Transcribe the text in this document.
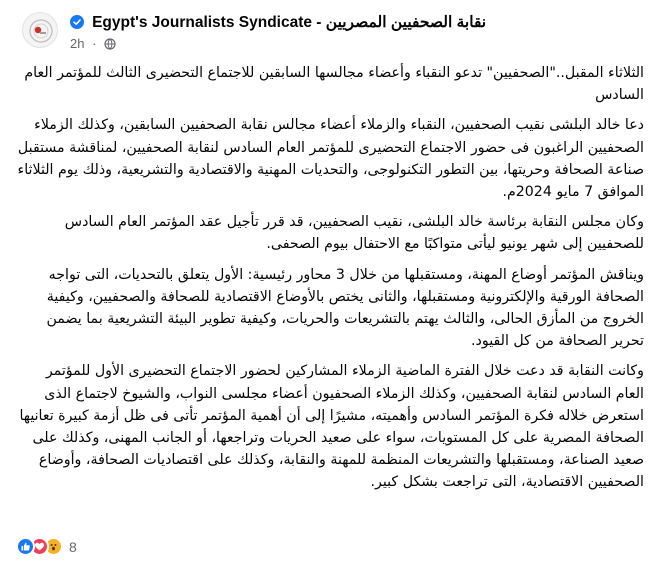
Egypt's Journalists Syndicate - نقابة الصحفيين المصريين
2h ·

الثلاثاء المقبل.."الصحفيين" تدعو النقباء وأعضاء مجالسها السابقين للاجتماع التحضيرى الثالث للمؤتمر العام السادس

دعا خالد البلشى نقيب الصحفيين، النقباء والزملاء أعضاء مجالس نقابة الصحفيين السابقين، وكذلك الزملاء الصحفيين الراغبون فى حضور الاجتماع التحضيرى للمؤتمر العام السادس لنقابة الصحفيين، لمناقشة مستقبل صناعة الصحافة وحريتها، بين التطور التكنولوجى، والتحديات المهنية والاقتصادية والتشريعية، وذلك يوم الثلاثاء الموافق 7 مايو 2024م.

وكان مجلس النقابة برئاسة خالد البلشى، نقيب الصحفيين، قد قرر تأجيل عقد المؤتمر العام السادس للصحفيين إلى شهر يونيو ليأتى متواكبًا مع الاحتفال بيوم الصحفى.

ويناقش المؤتمر أوضاع المهنة، ومستقبلها من خلال 3 محاور رئيسية: الأول يتعلق بالتحديات، التى تواجه الصحافة الورقية والإلكترونية ومستقبلها، والثانى يختص بالأوضاع الاقتصادية للصحافة والصحفيين، وكيفية الخروج من المأزق الحالى، والثالث يهتم بالتشريعات والحريات، وكيفية تطوير البيئة التشريعية بما يضمن تحرير الصحافة من كل القيود.

وكانت النقابة قد دعت خلال الفترة الماضية الزملاء المشاركين لحضور الاجتماع التحضيرى الأول للمؤتمر العام السادس لنقابة الصحفيين، وكذلك الزملاء الصحفيون أعضاء مجلسى النواب، والشيوخ لاجتماع الذى استعرض خلاله فكرة المؤتمر السادس وأهميته، مشيرًا إلى أن أهمية المؤتمر تأتى فى ظل أزمة كبيرة تعانيها الصحافة المصرية على كل المستويات، سواء على صعيد الحريات وتراجعها، أو الجانب المهنى، وكذلك على صعيد الصناعة، ومستقبلها والتشريعات المنظمة للمهنة والنقابة، وكذلك على اقتصاديات الصحافة، وأوضاع الصحفيين الاقتصادية، التى تراجعت بشكل كبير.

8
